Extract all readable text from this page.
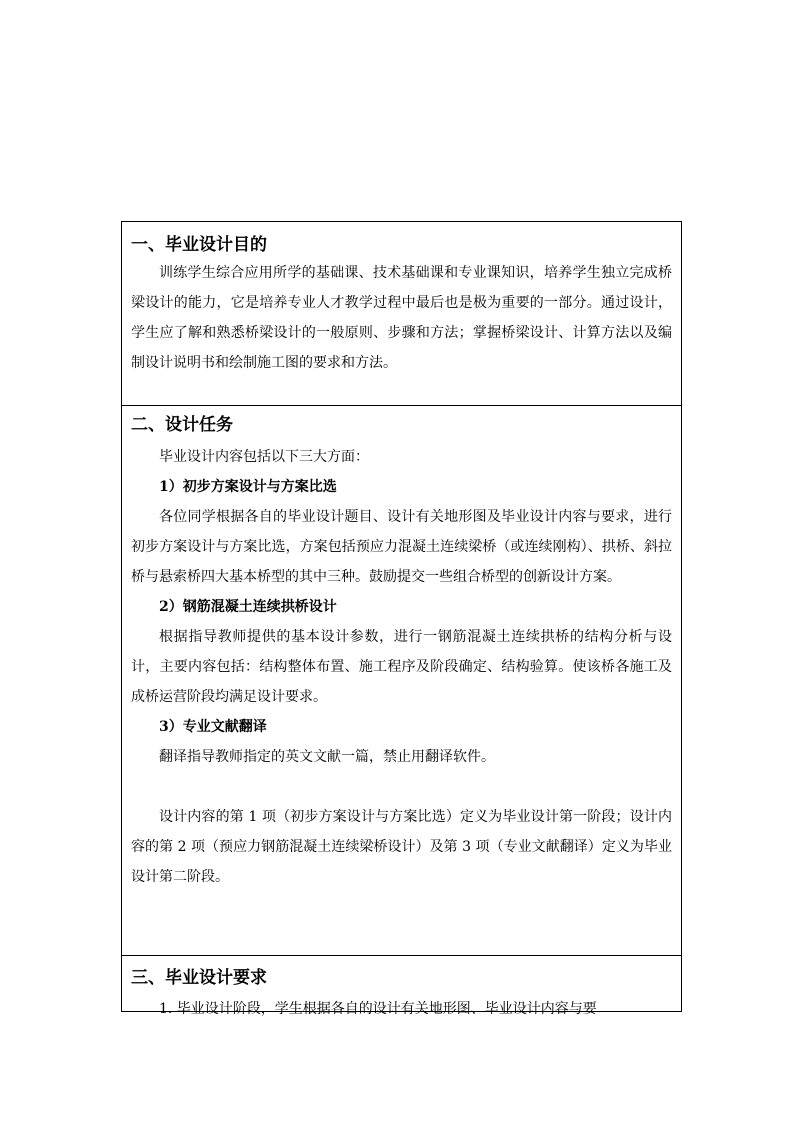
一、毕业设计目的

训练学生综合应用所学的基础课、技术基础课和专业课知识，培养学生独立完成桥梁设计的能力，它是培养专业人才教学过程中最后也是极为重要的一部分。通过设计，学生应了解和熟悉桥梁设计的一般原则、步骤和方法；掌握桥梁设计、计算方法以及编制设计说明书和绘制施工图的要求和方法。

二、设计任务

毕业设计内容包括以下三大方面：

1）初步方案设计与方案比选

各位同学根据各自的毕业设计题目、设计有关地形图及毕业设计内容与要求，进行初步方案设计与方案比选，方案包括预应力混凝土连续梁桥（或连续刚构）、拱桥、斜拉桥与悬索桥四大基本桥型的其中三种。鼓励提交一些组合桥型的创新设计方案。

2）钢筋混凝土连续拱桥设计

根据指导教师提供的基本设计参数，进行一钢筋混凝土连续拱桥的结构分析与设计，主要内容包括：结构整体布置、施工程序及阶段确定、结构验算。使该桥各施工及成桥运营阶段均满足设计要求。

3）专业文献翻译

翻译指导教师指定的英文文献一篇，禁止用翻译软件。

设计内容的第 1 项（初步方案设计与方案比选）定义为毕业设计第一阶段；设计内容的第 2 项（预应力钢筋混凝土连续梁桥设计）及第 3 项（专业文献翻译）定义为毕业设计第二阶段。

三、毕业设计要求

1. 毕业设计阶段，学生根据各自的设计有关地形图、毕业设计内容与要
